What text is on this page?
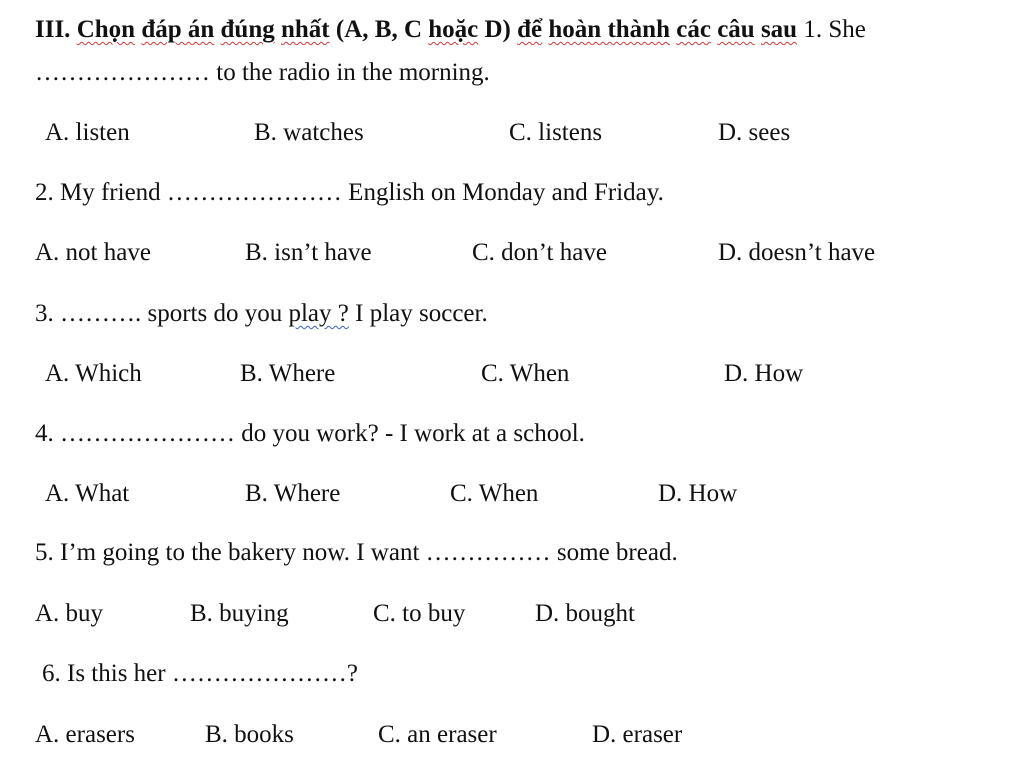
III. Chọn đáp án đúng nhất (A, B, C hoặc D) để hoàn thành các câu sau 1. She
………………… to the radio in the morning.
A. listen	B. watches	C. listens	D. sees
2. My friend ………………… English on Monday and Friday.
A. not have	B. isn’t have	C. don’t have	D. doesn’t have
3. ………. sports do you play ? I play soccer.
A. Which	B. Where	C. When	D. How
4. ………………… do you work? - I work at a school.
A. What	B. Where	C. When	D. How
5. I’m going to the bakery now. I want …………… some bread.
A. buy	B. buying	C. to buy	D. bought
6. Is this her …………………?
A. erasers	B. books	C. an eraser	D. eraser
